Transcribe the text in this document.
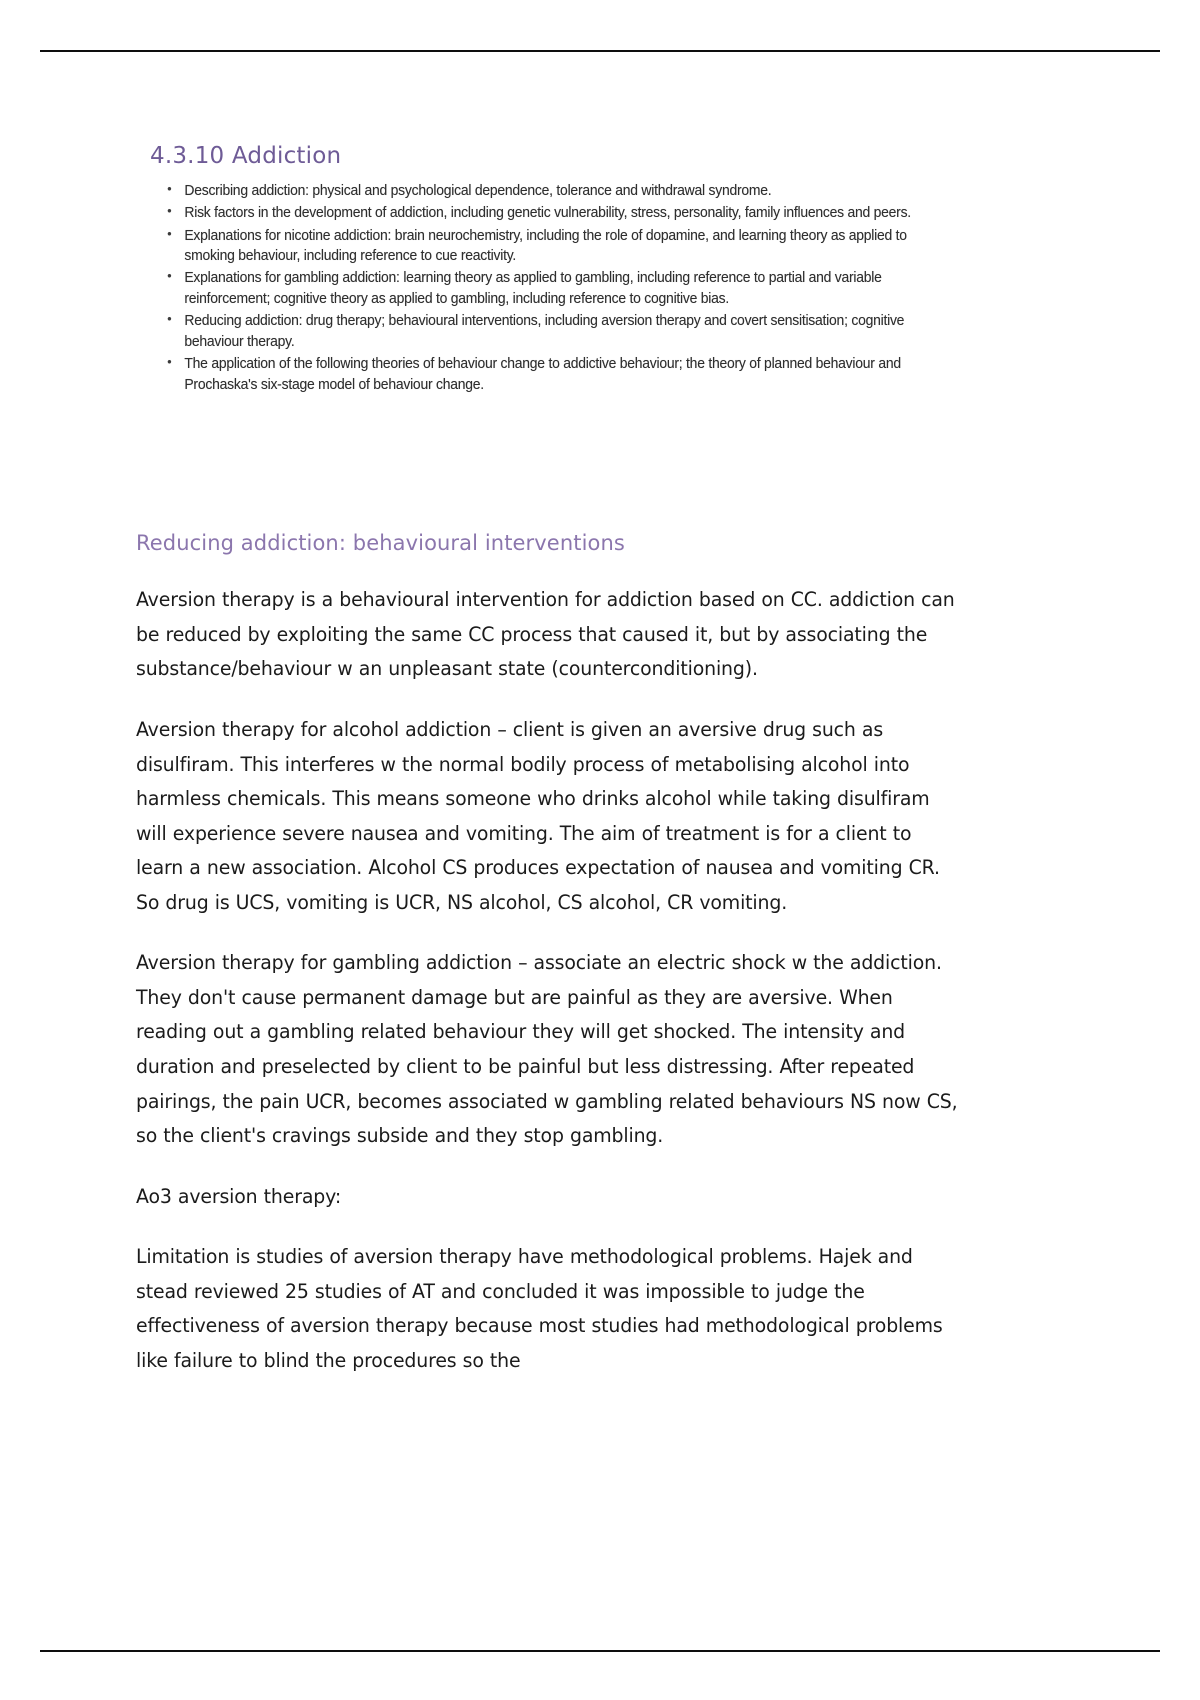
4.3.10 Addiction
• Describing addiction: physical and psychological dependence, tolerance and withdrawal syndrome.
• Risk factors in the development of addiction, including genetic vulnerability, stress, personality, family influences and peers.
• Explanations for nicotine addiction: brain neurochemistry, including the role of dopamine, and learning theory as applied to smoking behaviour, including reference to cue reactivity.
• Explanations for gambling addiction: learning theory as applied to gambling, including reference to partial and variable reinforcement; cognitive theory as applied to gambling, including reference to cognitive bias.
• Reducing addiction: drug therapy; behavioural interventions, including aversion therapy and covert sensitisation; cognitive behaviour therapy.
• The application of the following theories of behaviour change to addictive behaviour; the theory of planned behaviour and Prochaska's six-stage model of behaviour change.
Reducing addiction: behavioural interventions

Aversion therapy is a behavioural intervention for addiction based on CC. addiction can be reduced by exploiting the same CC process that caused it, but by associating the substance/behaviour w an unpleasant state (counterconditioning).

Aversion therapy for alcohol addiction – client is given an aversive drug such as disulfiram. This interferes w the normal bodily process of metabolising alcohol into harmless chemicals. This means someone who drinks alcohol while taking disulfiram will experience severe nausea and vomiting. The aim of treatment is for a client to learn a new association. Alcohol CS produces expectation of nausea and vomiting CR. So drug is UCS, vomiting is UCR, NS alcohol, CS alcohol, CR vomiting.

Aversion therapy for gambling addiction – associate an electric shock w the addiction. They don't cause permanent damage but are painful as they are aversive. When reading out a gambling related behaviour they will get shocked. The intensity and duration and preselected by client to be painful but less distressing. After repeated pairings, the pain UCR, becomes associated w gambling related behaviours NS now CS, so the client's cravings subside and they stop gambling.

Ao3 aversion therapy:

Limitation is studies of aversion therapy have methodological problems. Hajek and stead reviewed 25 studies of AT and concluded it was impossible to judge the effectiveness of aversion therapy because most studies had methodological problems like failure to blind the procedures so the
